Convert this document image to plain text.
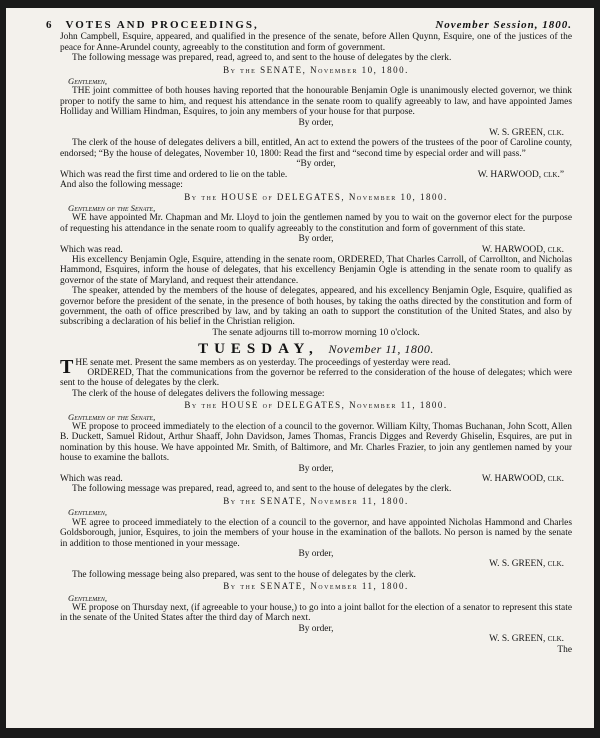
6 VOTES AND PROCEEDINGS,	November Session, 1800.

John Campbell, Esquire, appeared, and qualified in the presence of the senate, before Allen Quynn, Esquire, one of the justices of the peace for Anne-Arundel county, agreeably to the constitution and form of government.

The following message was prepared, read, agreed to, and sent to the house of delegates by the clerk.

By the SENATE, November 10, 1800.
Gentlemen,

THE joint committee of both houses having reported that the honourable Benjamin Ogle is unanimously elected governor, we think proper to notify the same to him, and request his attendance in the senate room to qualify agreeably to law, and have appointed James Holliday and William Hindman, Esquires, to join any members of your house for that purpose.

By order,
W. S. GREEN, clk.

The clerk of the house of delegates delivers a bill, entitled, An act to extend the powers of the trustees of the poor of Caroline county, endorsed; “By the house of delegates, November 10, 1800: Read the first and “second time by especial order and will pass.”

“By order,
Which was read the first time and ordered to lie on the table.	W. HARWOOD, clk.”

And also the following message:

By the HOUSE of DELEGATES, November 10, 1800.
Gentlemen of the Senate,

WE have appointed Mr. Chapman and Mr. Lloyd to join the gentlemen named by you to wait on the governor elect for the purpose of requesting his attendance in the senate room to qualify agreeably to the constitution and form of government of this state.

By order,
Which was read.	W. HARWOOD, clk.

His excellency Benjamin Ogle, Esquire, attending in the senate room, ORDERED, That Charles Carroll, of Carrollton, and Nicholas Hammond, Esquires, inform the house of delegates, that his excellency Benjamin Ogle is attending in the senate room to qualify as governor of the state of Maryland, and request their attendance.

The speaker, attended by the members of the house of delegates, appeared, and his excellency Benjamin Ogle, Esquire, qualified as governor before the president of the senate, in the presence of both houses, by taking the oaths directed by the constitution and form of government, the oath of office prescribed by law, and by taking an oath to support the constitution of the United States, and also by subscribing a declaration of his belief in the Christian religion.

The senate adjourns till to-morrow morning 10 o'clock.
TUESDAY, November 11, 1800.

THE senate met. Present the same members as on yesterday. The proceedings of yesterday were read.

ORDERED, That the communications from the governor be referred to the consideration of the house of delegates; which were sent to the house of delegates by the clerk.

The clerk of the house of delegates delivers the following message:

By the HOUSE of DELEGATES, November 11, 1800.
Gentlemen of the Senate,

WE propose to proceed immediately to the election of a council to the governor. William Kilty, Thomas Buchanan, John Scott, Allen B. Duckett, Samuel Ridout, Arthur Shaaff, John Davidson, James Thomas, Francis Digges and Reverdy Ghiselin, Esquires, are put in nomination by this house. We have appointed Mr. Smith, of Baltimore, and Mr. Charles Frazier, to join any gentlemen named by your house to examine the ballots.

By order,
Which was read.	W. HARWOOD, clk.

The following message was prepared, read, agreed to, and sent to the house of delegates by the clerk.

By the SENATE, November 11, 1800.
Gentlemen,

WE agree to proceed immediately to the election of a council to the governor, and have appointed Nicholas Hammond and Charles Goldsborough, junior, Esquires, to join the members of your house in the examination of the ballots. No person is named by the senate in addition to those mentioned in your message.

By order,
W. S. GREEN, clk.

The following message being also prepared, was sent to the house of delegates by the clerk.

By the SENATE, November 11, 1800.
Gentlemen,

WE propose on Thursday next, (if agreeable to your house,) to go into a joint ballot for the election of a senator to represent this state in the senate of the United States after the third day of March next.

By order,
W. S. GREEN, clk.
The
